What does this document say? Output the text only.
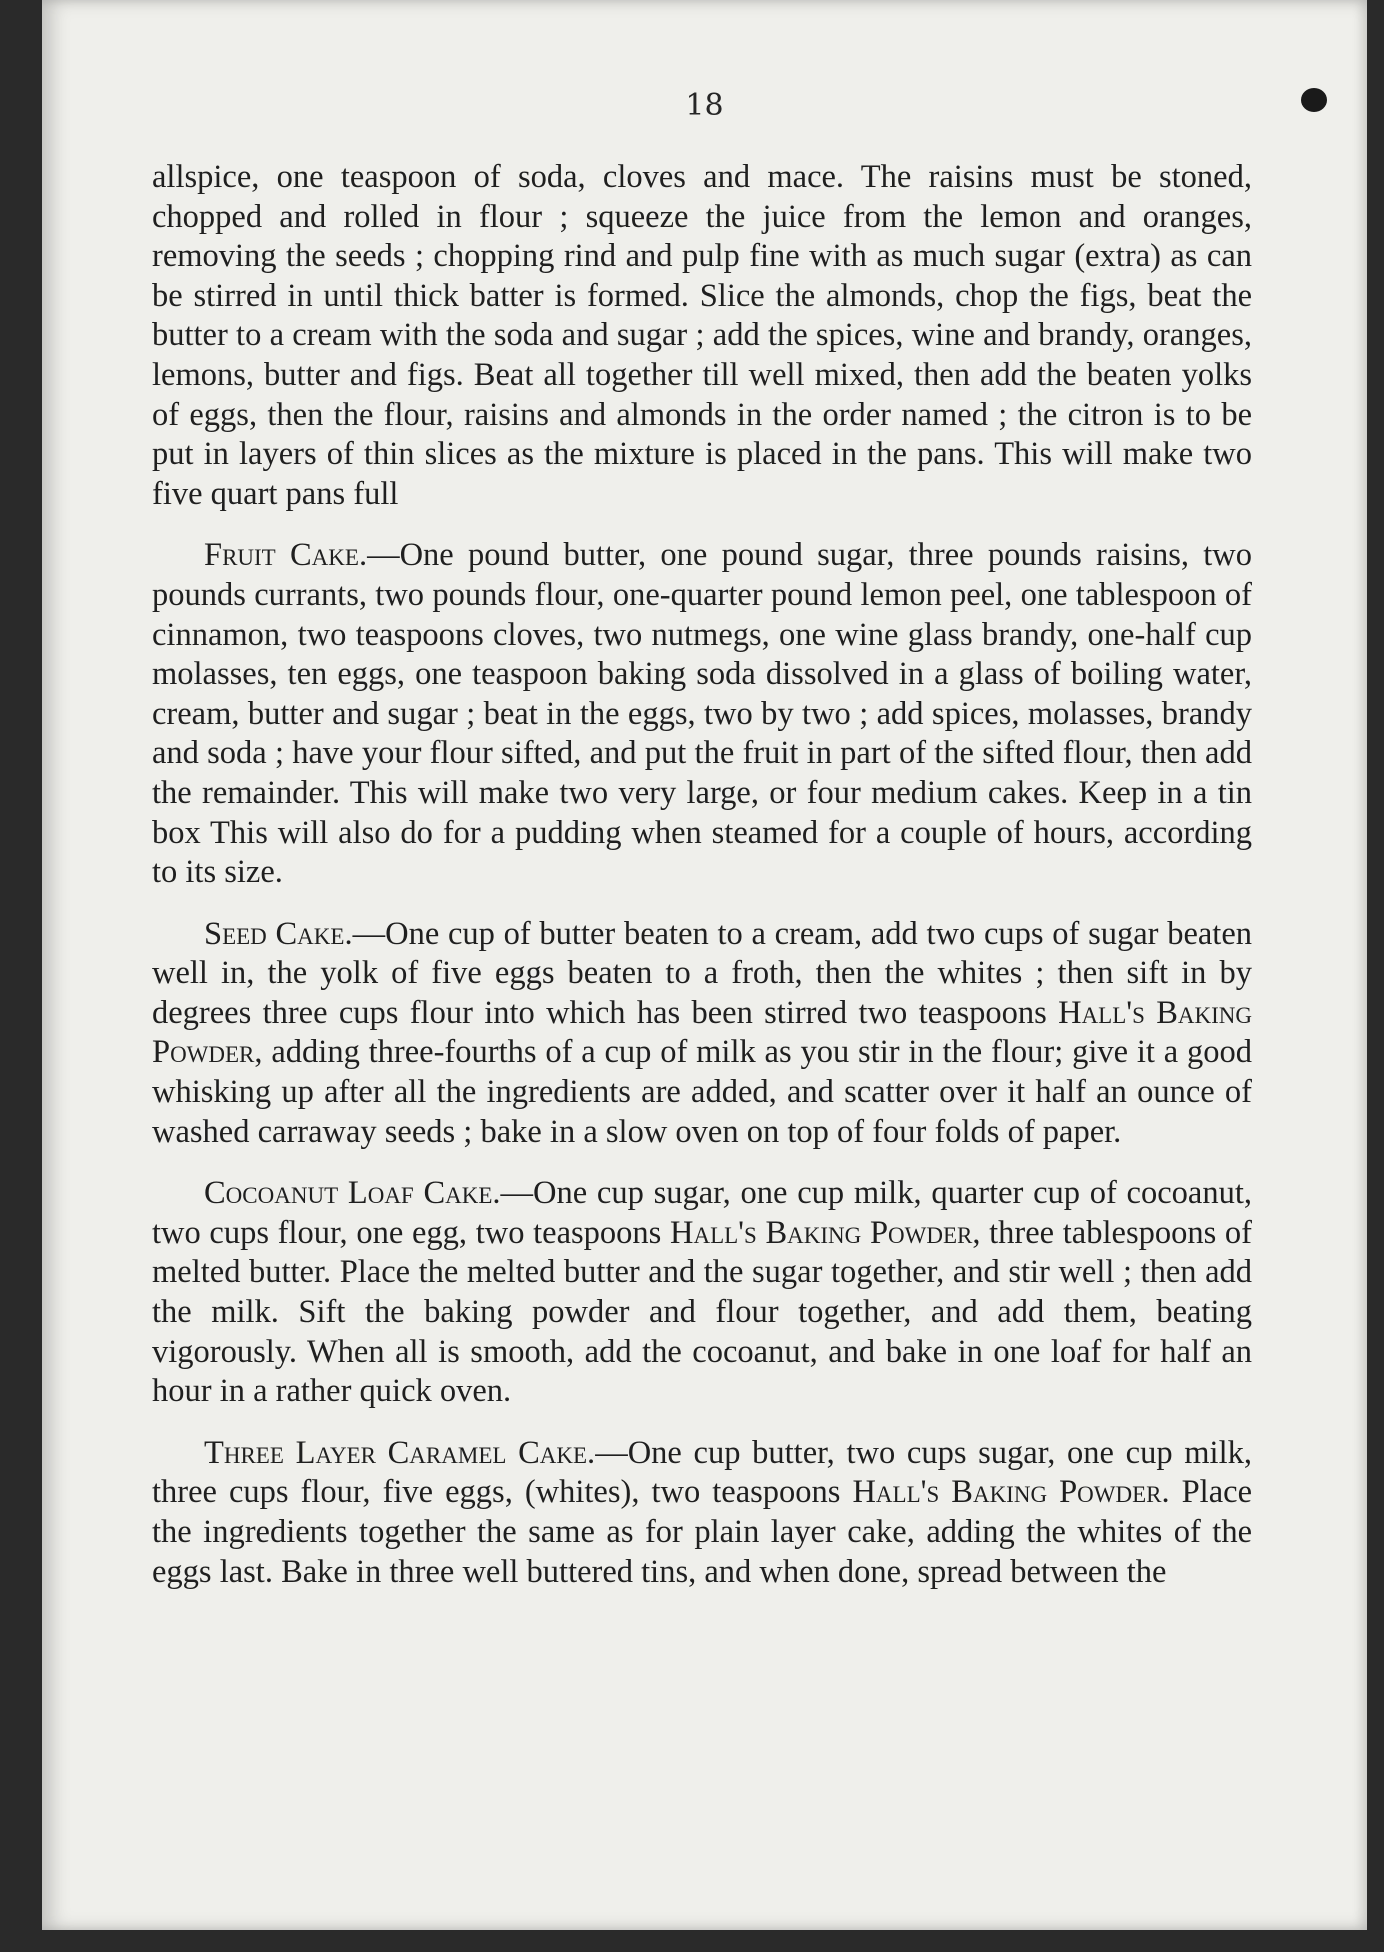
18

allspice, one teaspoon of soda, cloves and mace. The raisins must be stoned, chopped and rolled in flour ; squeeze the juice from the lemon and oranges, removing the seeds ; chopping rind and pulp fine with as much sugar (extra) as can be stirred in until thick batter is formed. Slice the almonds, chop the figs, beat the butter to a cream with the soda and sugar ; add the spices, wine and brandy, oranges, lemons, butter and figs. Beat all together till well mixed, then add the beaten yolks of eggs, then the flour, raisins and almonds in the order named ; the citron is to be put in layers of thin slices as the mixture is placed in the pans. This will make two five quart pans full

Fruit Cake.—One pound butter, one pound sugar, three pounds raisins, two pounds currants, two pounds flour, one-quarter pound lemon peel, one tablespoon of cinnamon, two teaspoons cloves, two nutmegs, one wine glass brandy, one-half cup molasses, ten eggs, one teaspoon baking soda dissolved in a glass of boiling water, cream, butter and sugar ; beat in the eggs, two by two ; add spices, molasses, brandy and soda ; have your flour sifted, and put the fruit in part of the sifted flour, then add the remainder. This will make two very large, or four medium cakes. Keep in a tin box This will also do for a pudding when steamed for a couple of hours, according to its size.

Seed Cake.—One cup of butter beaten to a cream, add two cups of sugar beaten well in, the yolk of five eggs beaten to a froth, then the whites ; then sift in by degrees three cups flour into which has been stirred two teaspoons Hall's Baking Powder, adding three-fourths of a cup of milk as you stir in the flour; give it a good whisking up after all the ingredients are added, and scatter over it half an ounce of washed carraway seeds ; bake in a slow oven on top of four folds of paper.

Cocoanut Loaf Cake.—One cup sugar, one cup milk, quarter cup of cocoanut, two cups flour, one egg, two teaspoons Hall's Baking Powder, three tablespoons of melted butter. Place the melted butter and the sugar together, and stir well ; then add the milk. Sift the baking powder and flour together, and add them, beating vigorously. When all is smooth, add the cocoanut, and bake in one loaf for half an hour in a rather quick oven.

Three Layer Caramel Cake.—One cup butter, two cups sugar, one cup milk, three cups flour, five eggs, (whites), two teaspoons Hall's Baking Powder. Place the ingredients together the same as for plain layer cake, adding the whites of the eggs last. Bake in three well buttered tins, and when done, spread between the
